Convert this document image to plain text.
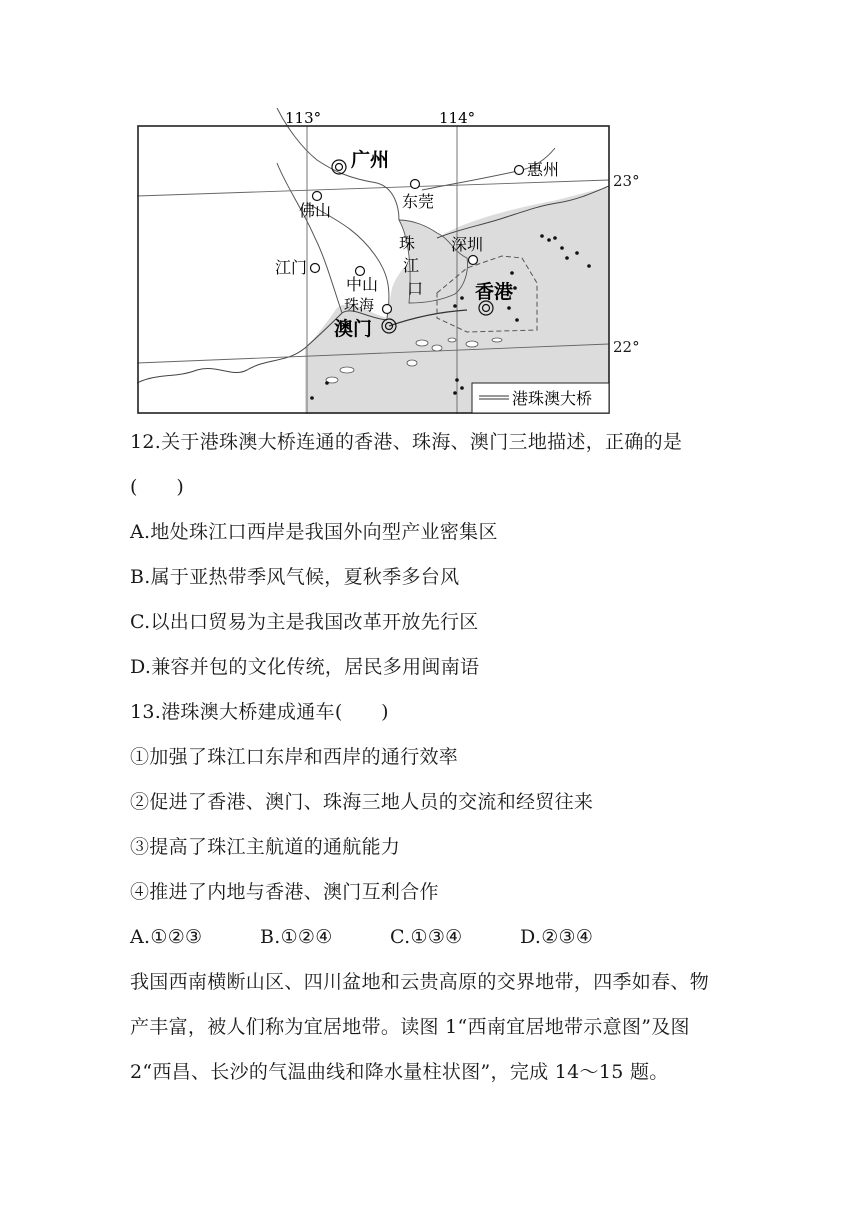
113°	114°
广州	惠州
佛山	东莞
深圳
江门
中山
珠海
澳门
香港
珠
江
口
港珠澳大桥
23°
22°
12.关于港珠澳大桥连通的香港、珠海、澳门三地描述，正确的是
(　　)
A.地处珠江口西岸是我国外向型产业密集区
B.属于亚热带季风气候，夏秋季多台风
C.以出口贸易为主是我国改革开放先行区
D.兼容并包的文化传统，居民多用闽南语
13.港珠澳大桥建成通车(　　)
①加强了珠江口东岸和西岸的通行效率
②促进了香港、澳门、珠海三地人员的交流和经贸往来
③提高了珠江主航道的通航能力
④推进了内地与香港、澳门互利合作
A.①②③	B.①②④	C.①③④	D.②③④
我国西南横断山区、四川盆地和云贵高原的交界地带，四季如春、物
产丰富，被人们称为宜居地带。读图 1“西南宜居地带示意图”及图
2“西昌、长沙的气温曲线和降水量柱状图”，完成 14～15 题。
